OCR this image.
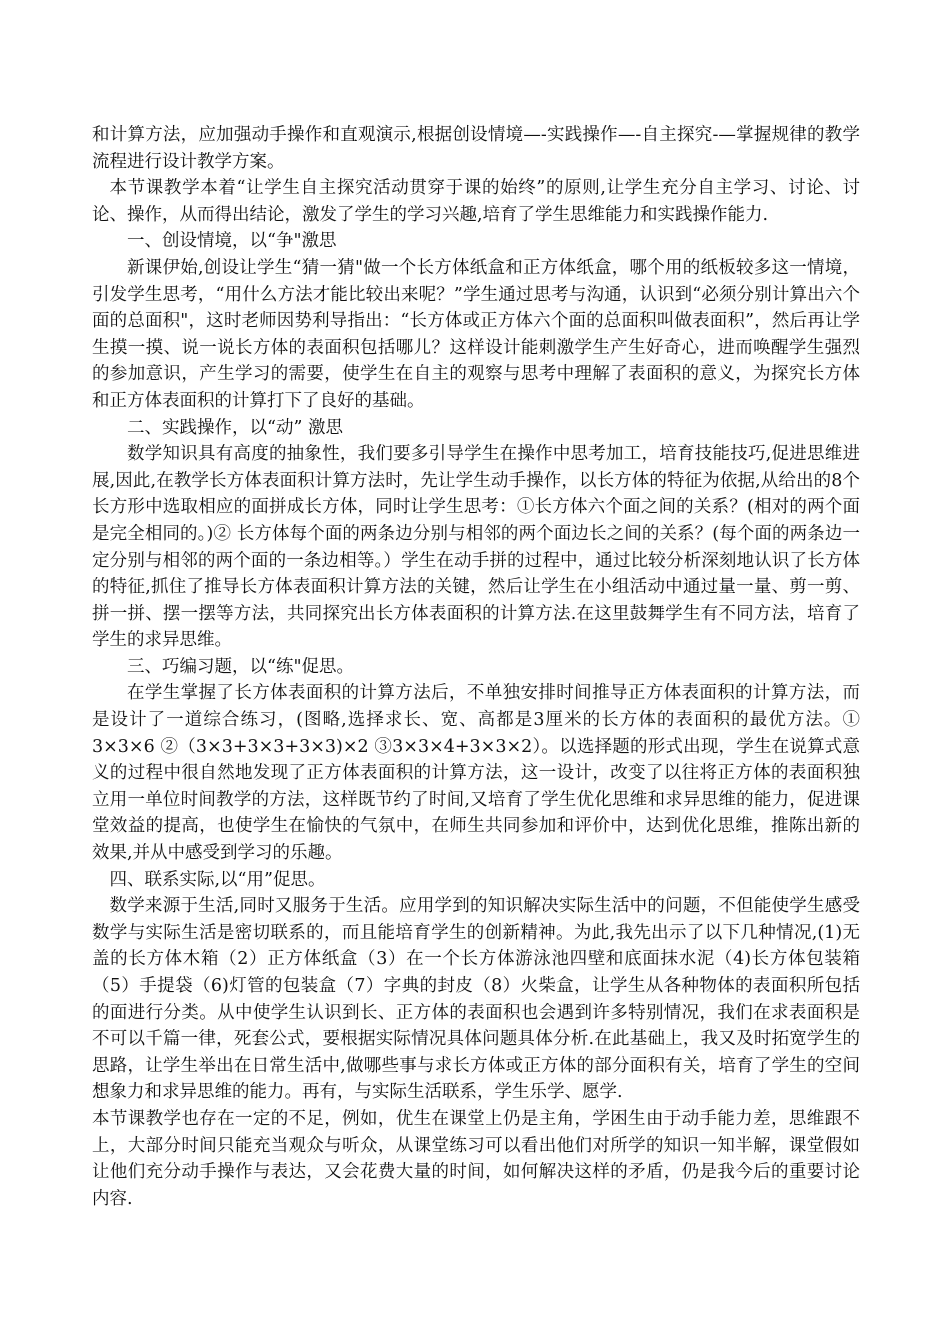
和计算方法，应加强动手操作和直观演示,根据创设情境—-实践操作—-自主探究-—掌握规律的教学流程进行设计教学方案。

本节课教学本着“让学生自主探究活动贯穿于课的始终”的原则,让学生充分自主学习、讨论、讨论、操作，从而得出结论，激发了学生的学习兴趣,培育了学生思维能力和实践操作能力.

一、创设情境，以“争"激思

新课伊始,创设让学生“猜一猜"做一个长方体纸盒和正方体纸盒，哪个用的纸板较多这一情境，引发学生思考，“用什么方法才能比较出来呢？”学生通过思考与沟通，认识到“必须分别计算出六个面的总面积"，这时老师因势利导指出：“长方体或正方体六个面的总面积叫做表面积”，然后再让学生摸一摸、说一说长方体的表面积包括哪儿？这样设计能刺激学生产生好奇心，进而唤醒学生强烈的参加意识，产生学习的需要，使学生在自主的观察与思考中理解了表面积的意义，为探究长方体和正方体表面积的计算打下了良好的基础。

二、实践操作，以“动” 激思

数学知识具有高度的抽象性，我们要多引导学生在操作中思考加工，培育技能技巧,促进思维进展,因此,在教学长方体表面积计算方法时，先让学生动手操作，以长方体的特征为依据,从给出的8个长方形中选取相应的面拼成长方体，同时让学生思考：①长方体六个面之间的关系？(相对的两个面是完全相同的。)② 长方体每个面的两条边分别与相邻的两个面边长之间的关系？(每个面的两条边一定分别与相邻的两个面的一条边相等。）学生在动手拼的过程中，通过比较分析深刻地认识了长方体的特征,抓住了推导长方体表面积计算方法的关键，然后让学生在小组活动中通过量一量、剪一剪、拼一拼、摆一摆等方法，共同探究出长方体表面积的计算方法.在这里鼓舞学生有不同方法，培育了学生的求异思维。

三、巧编习题，以“练"促思。

在学生掌握了长方体表面积的计算方法后，不单独安排时间推导正方体表面积的计算方法，而是设计了一道综合练习，(图略,选择求长、宽、高都是3厘米的长方体的表面积的最优方法。① 3×3×6 ②（3×3+3×3+3×3)×2 ③3×3×4+3×3×2）。以选择题的形式出现，学生在说算式意义的过程中很自然地发现了正方体表面积的计算方法，这一设计，改变了以往将正方体的表面积独立用一单位时间教学的方法，这样既节约了时间,又培育了学生优化思维和求异思维的能力，促进课堂效益的提高，也使学生在愉快的气氛中，在师生共同参加和评价中，达到优化思维，推陈出新的效果,并从中感受到学习的乐趣。

四、联系实际,以“用”促思。

数学来源于生活,同时又服务于生活。应用学到的知识解决实际生活中的问题，不但能使学生感受数学与实际生活是密切联系的，而且能培育学生的创新精神。为此,我先出示了以下几种情况,(1)无盖的长方体木箱（2）正方体纸盒（3）在一个长方体游泳池四壁和底面抹水泥（4)长方体包装箱（5）手提袋（6)灯管的包装盒（7）字典的封皮（8）火柴盒，让学生从各种物体的表面积所包括的面进行分类。从中使学生认识到长、正方体的表面积也会遇到许多特别情况，我们在求表面积是不可以千篇一律，死套公式，要根据实际情况具体问题具体分析.在此基础上，我又及时拓宽学生的思路，让学生举出在日常生活中,做哪些事与求长方体或正方体的部分面积有关，培育了学生的空间想象力和求异思维的能力。再有，与实际生活联系，学生乐学、愿学.

本节课教学也存在一定的不足，例如，优生在课堂上仍是主角，学困生由于动手能力差，思维跟不上，大部分时间只能充当观众与听众，从课堂练习可以看出他们对所学的知识一知半解，课堂假如让他们充分动手操作与表达，又会花费大量的时间，如何解决这样的矛盾，仍是我今后的重要讨论内容.
